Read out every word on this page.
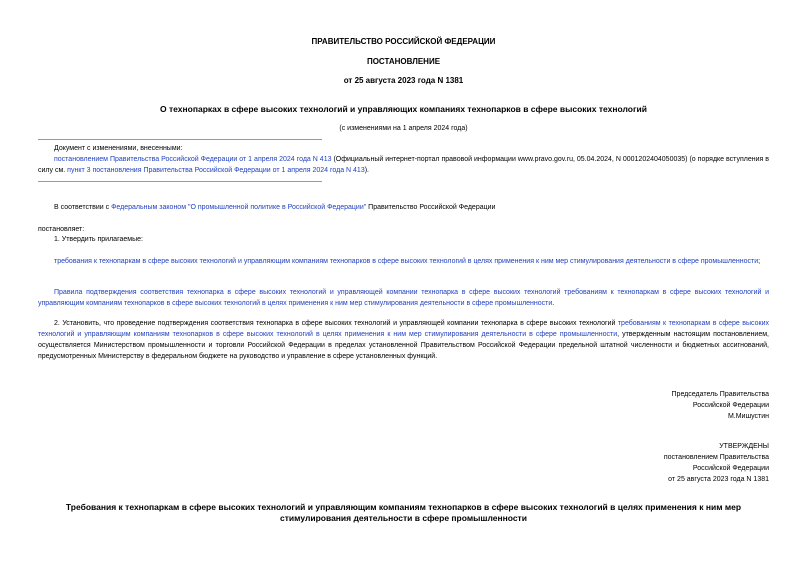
ПРАВИТЕЛЬСТВО РОССИЙСКОЙ ФЕДЕРАЦИИ
ПОСТАНОВЛЕНИЕ
от 25 августа 2023 года N 1381
О технопарках в сфере высоких технологий и управляющих компаниях технопарков в сфере высоких технологий
(с изменениями на 1 апреля 2024 года)
Документ с изменениями, внесенными:
постановлением Правительства Российской Федерации от 1 апреля 2024 года N 413 (Официальный интернет-портал правовой информации www.pravo.gov.ru, 05.04.2024, N 0001202404050035) (о порядке вступления в силу см. пункт 3 постановления Правительства Российской Федерации от 1 апреля 2024 года N 413).
В соответствии с Федеральным законом "О промышленной политике в Российской Федерации" Правительство Российской Федерации
постановляет:
1. Утвердить прилагаемые:
требования к технопаркам в сфере высоких технологий и управляющим компаниям технопарков в сфере высоких технологий в целях применения к ним мер стимулирования деятельности в сфере промышленности;
Правила подтверждения соответствия технопарка в сфере высоких технологий и управляющей компании технопарка в сфере высоких технологий требованиям к технопаркам в сфере высоких технологий и управляющим компаниям технопарков в сфере высоких технологий в целях применения к ним мер стимулирования деятельности в сфере промышленности.
2. Установить, что проведение подтверждения соответствия технопарка в сфере высоких технологий и управляющей компании технопарка в сфере высоких технологий требованиям к технопаркам в сфере высоких технологий и управляющим компаниям технопарков в сфере высоких технологий в целях применения к ним мер стимулирования деятельности в сфере промышленности, утвержденным настоящим постановлением, осуществляется Министерством промышленности и торговли Российской Федерации в пределах установленной Правительством Российской Федерации предельной штатной численности и бюджетных ассигнований, предусмотренных Министерству в федеральном бюджете на руководство и управление в сфере установленных функций.
Председатель Правительства
Российской Федерации
М.Мишустин
УТВЕРЖДЕНЫ
постановлением Правительства
Российской Федерации
от 25 августа 2023 года N 1381
Требования к технопаркам в сфере высоких технологий и управляющим компаниям технопарков в сфере высоких технологий в целях применения к ним мер стимулирования деятельности в сфере промышленности
